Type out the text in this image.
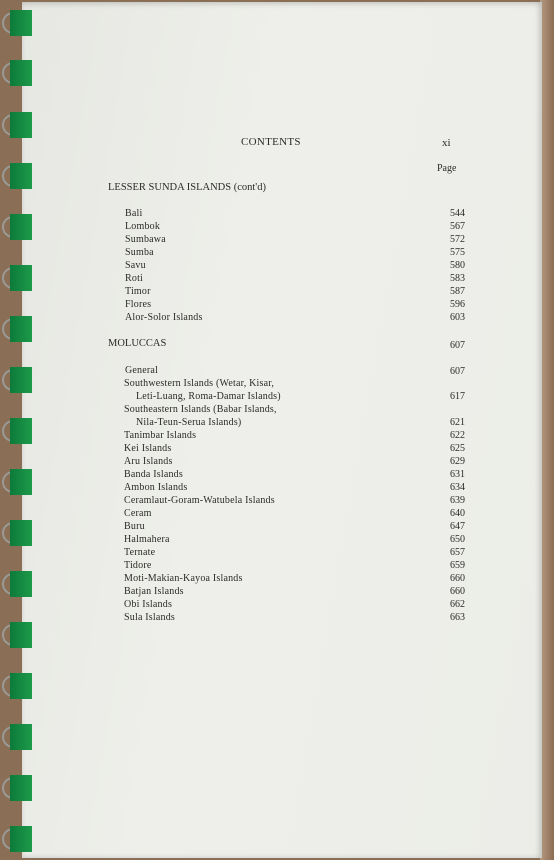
CONTENTS	xi
Page
LESSER SUNDA ISLANDS (cont'd)
Bali	544
Lombok	567
Sumbawa	572
Sumba	575
Savu	580
Roti	583
Timor	587
Flores	596
Alor-Solor Islands	603
MOLUCCAS	607
General	607
Southwestern Islands (Wetar, Kisar,
Leti-Luang, Roma-Damar Islands)	617
Southeastern Islands (Babar Islands,
Nila-Teun-Serua Islands)	621
Tanimbar Islands	622
Kei Islands	625
Aru Islands	629
Banda Islands	631
Ambon Islands	634
Ceramlaut-Goram-Watubela Islands	639
Ceram	640
Buru	647
Halmahera	650
Ternate	657
Tidore	659
Moti-Makian-Kayoa Islands	660
Batjan Islands	660
Obi Islands	662
Sula Islands	663
